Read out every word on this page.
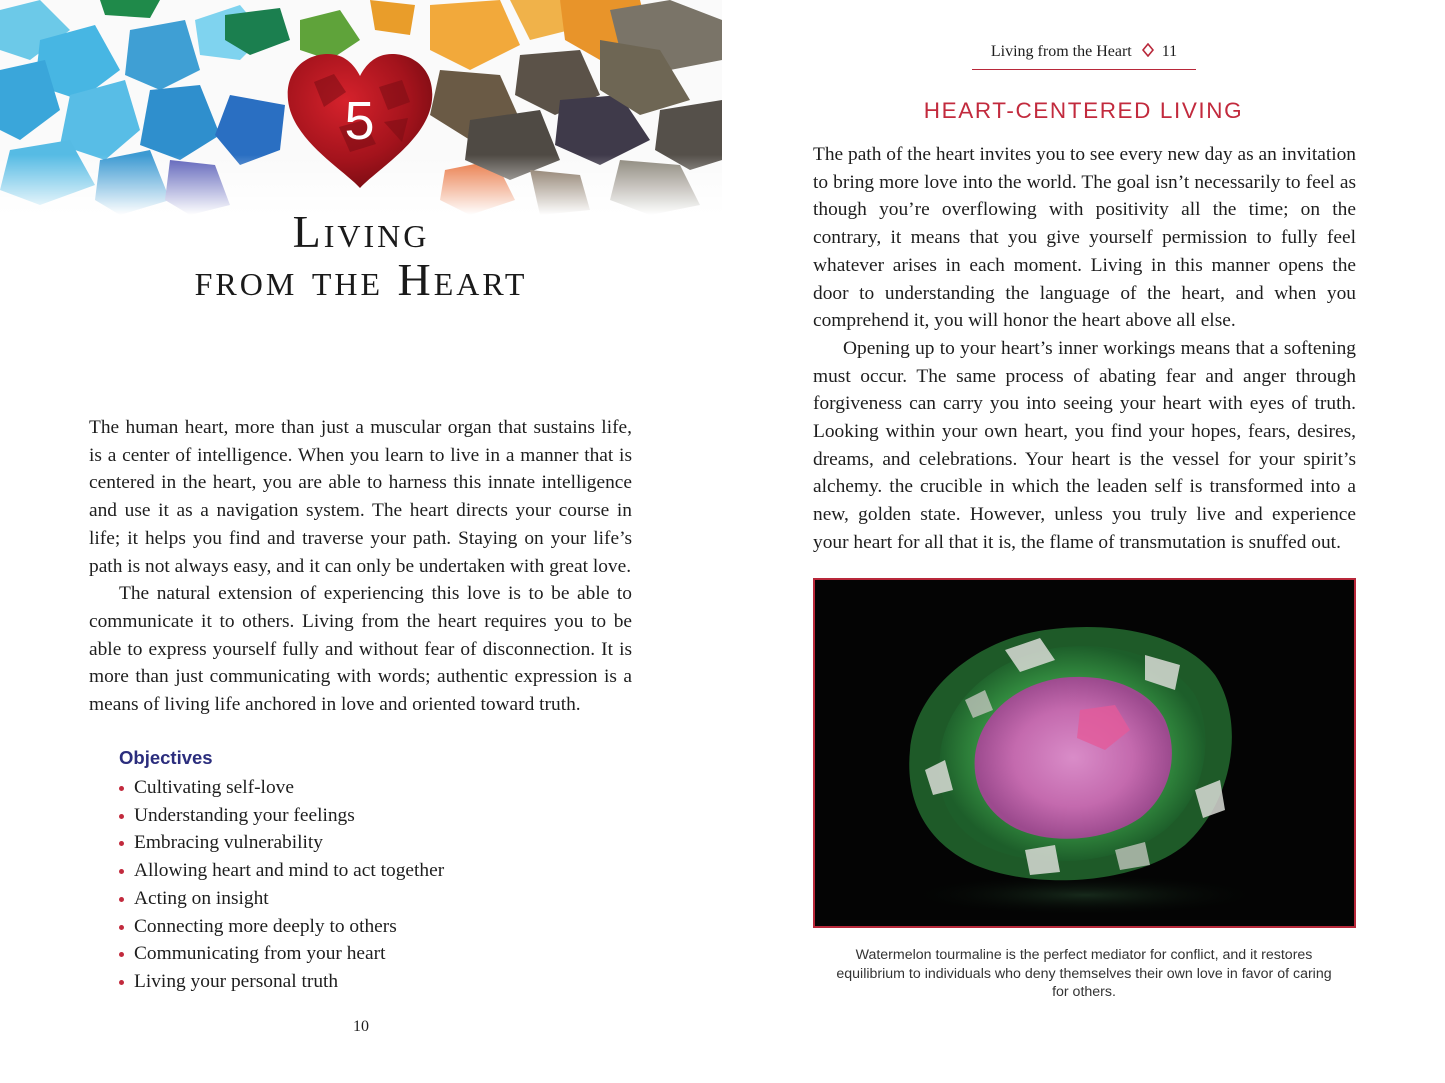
5
Living
from the Heart

The human heart, more than just a muscular organ that sustains life, is a center of intelligence. When you learn to live in a manner that is centered in the heart, you are able to harness this innate intelligence and use it as a navigation system. The heart directs your course in life; it helps you find and traverse your path. Staying on your life’s path is not always easy, and it can only be undertaken with great love.

The natural extension of experiencing this love is to be able to communicate it to others. Living from the heart requires you to be able to express yourself fully and without fear of disconnection. It is more than just communicating with words; authentic expression is a means of living life anchored in love and oriented toward truth.

Objectives
Cultivating self-love
Understanding your feelings
Embracing vulnerability
Allowing heart and mind to act together
Acting on insight
Connecting more deeply to others
Communicating from your heart
Living your personal truth
10
Living from the Heart 11
HEART-CENTERED LIVING

The path of the heart invites you to see every new day as an invitation to bring more love into the world. The goal isn’t necessarily to feel as though you’re overflowing with positivity all the time; on the contrary, it means that you give yourself permission to fully feel whatever arises in each moment. Living in this manner opens the door to understanding the language of the heart, and when you comprehend it, you will honor the heart above all else.

Opening up to your heart’s inner workings means that a softening must occur. The same process of abating fear and anger through forgiveness can carry you into seeing your heart with eyes of truth. Looking within your own heart, you find your hopes, fears, desires, dreams, and celebrations. Your heart is the vessel for your spirit’s alchemy. the crucible in which the leaden self is transformed into a new, golden state. However, unless you truly live and experience your heart for all that it is, the flame of transmutation is snuffed out.

Watermelon tourmaline is the perfect mediator for conflict, and it restores equilibrium to individuals who deny themselves their own love in favor of caring for others.
